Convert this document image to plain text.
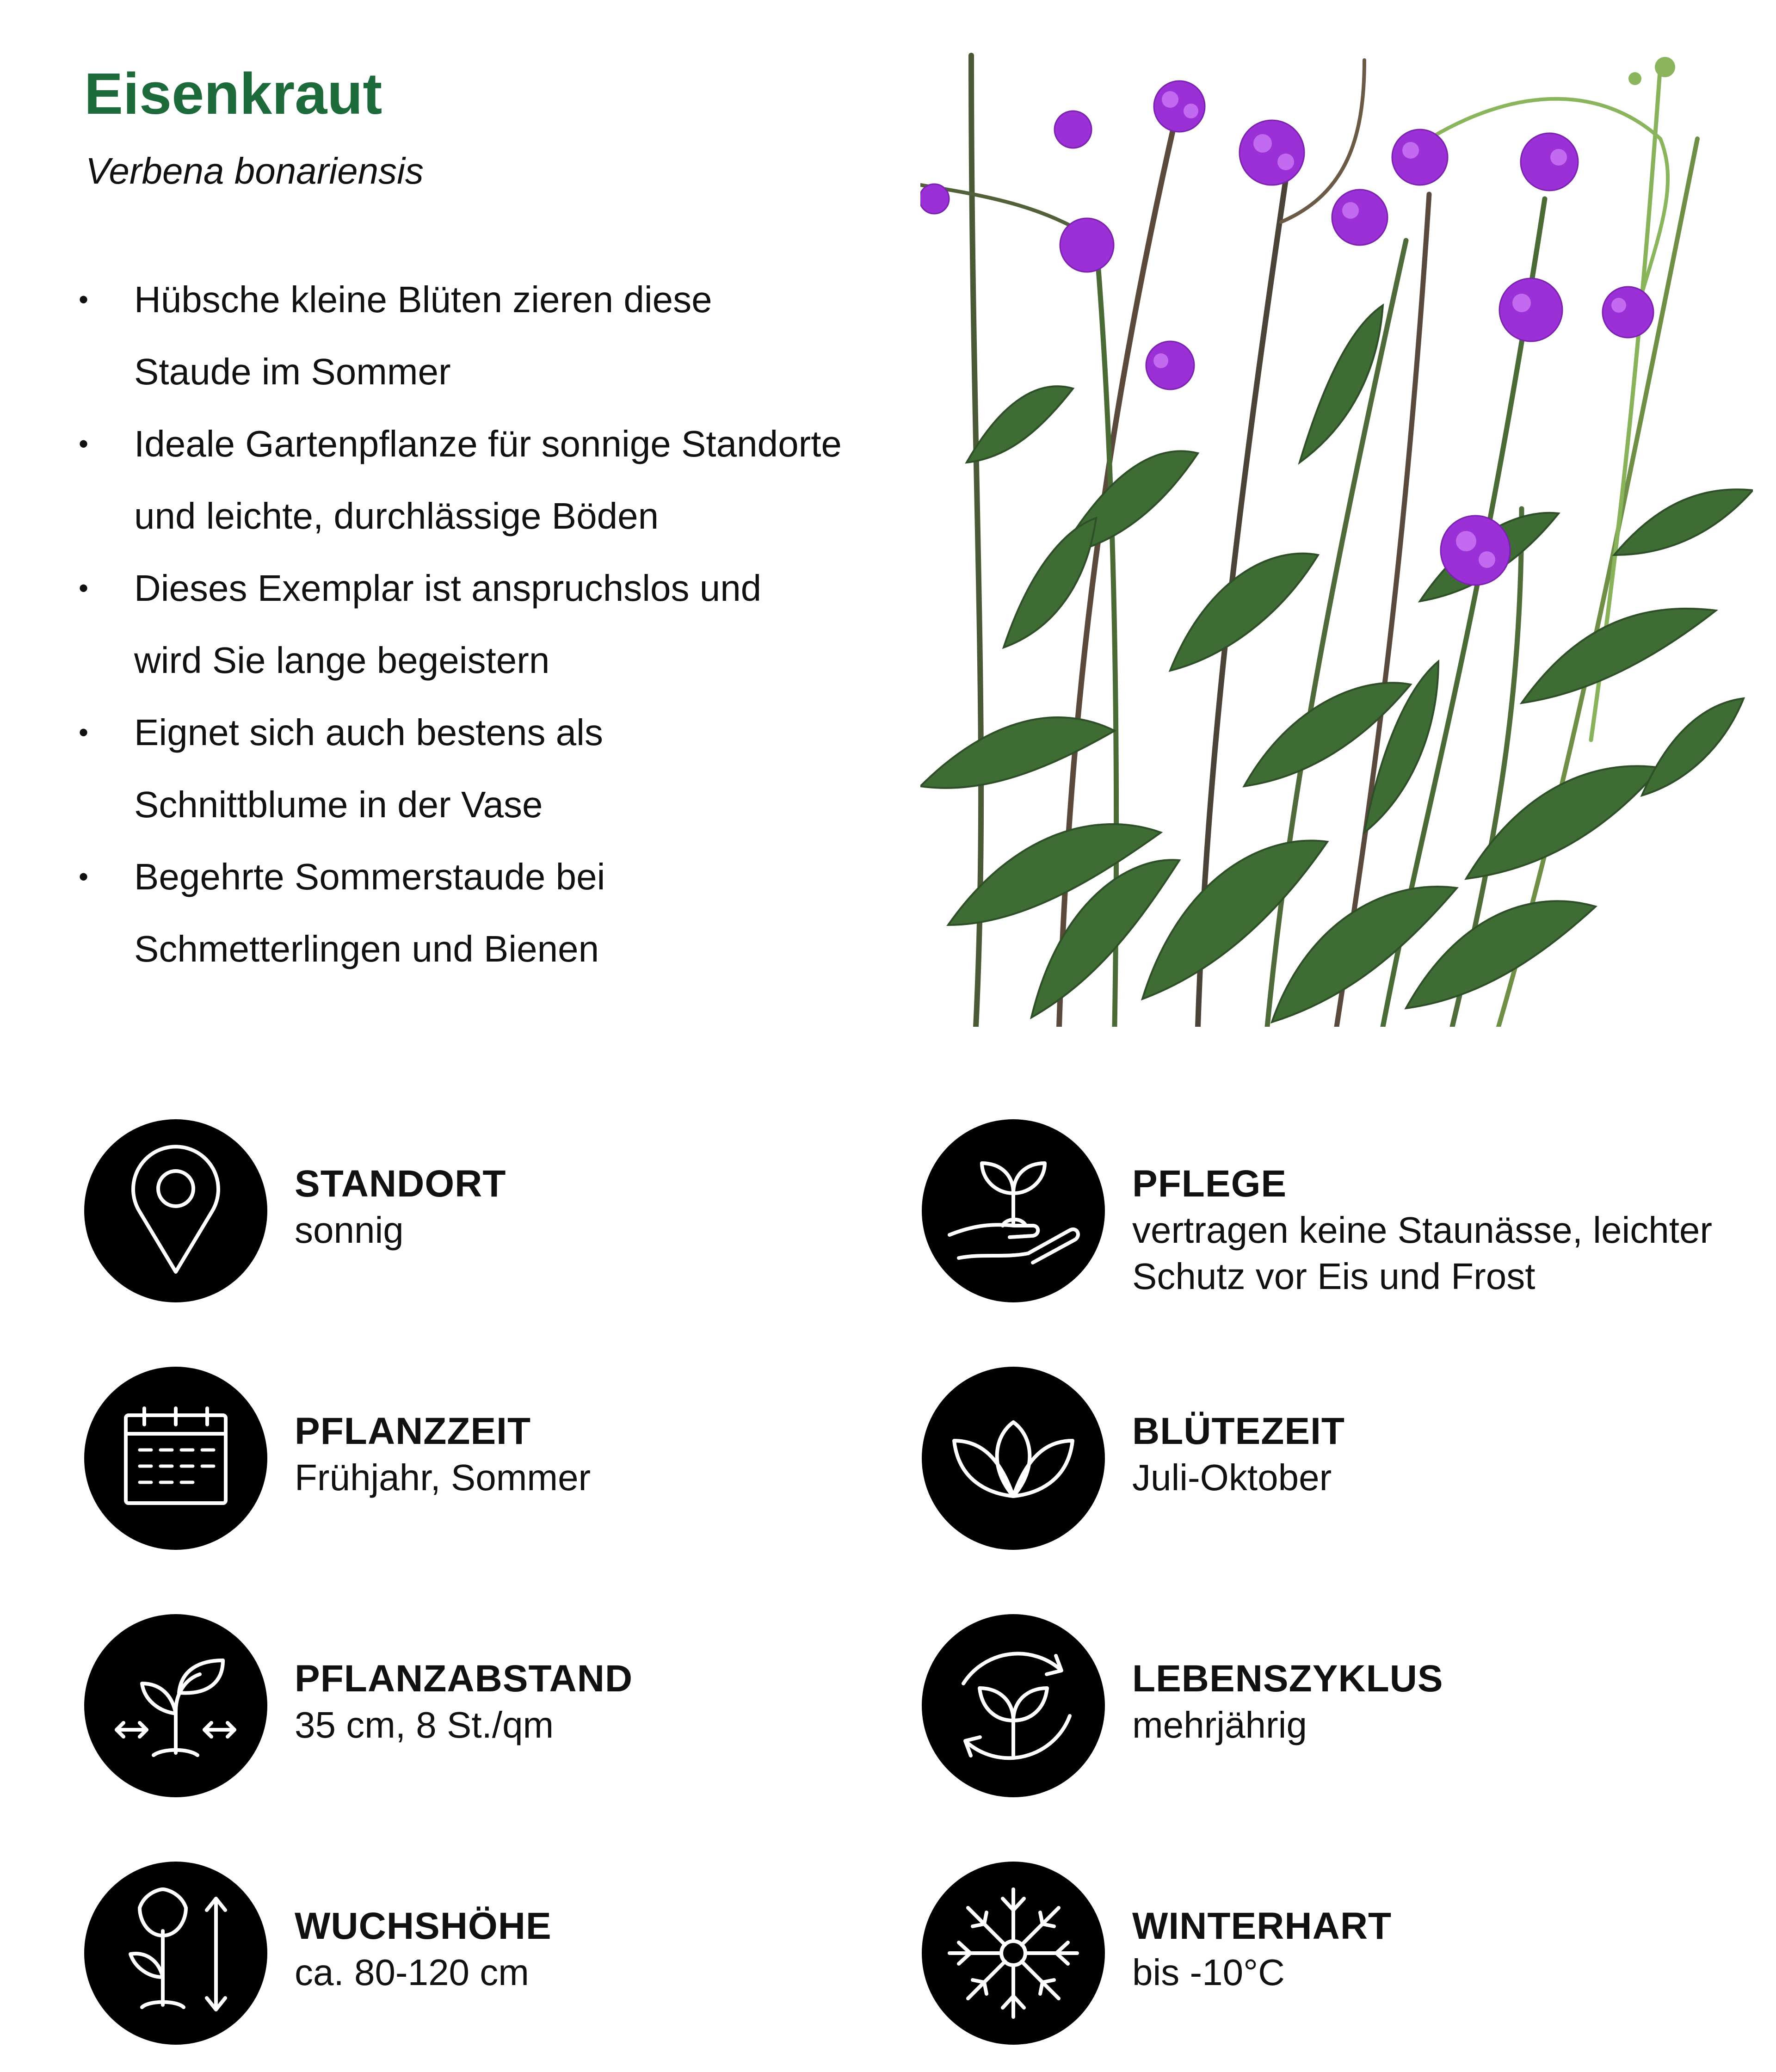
Eisenkraut

Verbena bonariensis

• Hübsche kleine Blüten zieren diese
Staude im Sommer
• Ideale Gartenpflanze für sonnige Standorte
und leichte, durchlässige Böden
• Dieses Exemplar ist anspruchslos und
wird Sie lange begeistern
• Eignet sich auch bestens als
Schnittblume in der Vase
• Begehrte Sommerstaude bei
Schmetterlingen und Bienen
STANDORT
sonnig
PFLEGE
vertragen keine Staunässe, leichter
Schutz vor Eis und Frost
PFLANZZEIT
Frühjahr, Sommer
BLÜTEZEIT
Juli-Oktober
PFLANZABSTAND
35 cm, 8 St./qm
LEBENSZYKLUS
mehrjährig
WUCHSHÖHE
ca. 80-120 cm
WINTERHART
bis -10°C
